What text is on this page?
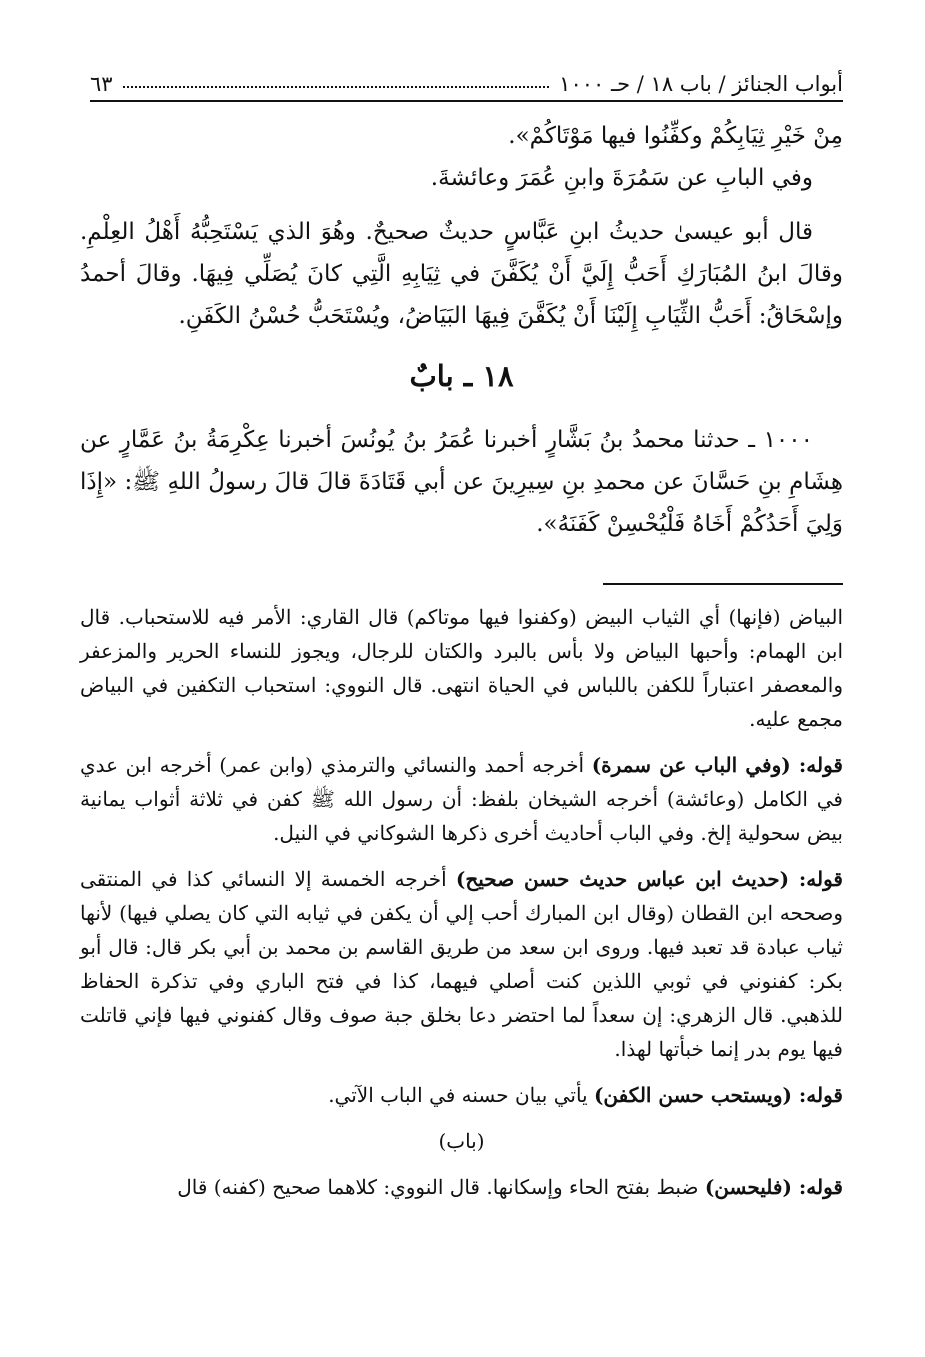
أبواب الجنائز / باب ١٨ / حـ ١٠٠٠
٦٣

مِنْ خَيْرِ ثِيَابِكُمْ وكفِّنُوا فيها مَوْتَاكُمْ».

وفي البابِ عن سَمُرَةَ وابنِ عُمَرَ وعائشةَ.

قال أبو عيسىٰ حديثُ ابنِ عَبَّاسٍ حديثٌ صحيحٌ. وهُوَ الذي يَسْتَحِبُّهُ أَهْلُ العِلْمِ. وقالَ ابنُ المُبَارَكِ أَحَبُّ إِلَيَّ أَنْ يُكَفَّنَ في ثِيَابِهِ الَّتِي كانَ يُصَلِّي فِيهَا. وقالَ أحمدُ وإسْحَاقُ: أَحَبُّ الثِّيَابِ إِلَيْنَا أَنْ يُكَفَّنَ فِيهَا البَيَاضُ، ويُسْتَحَبُّ حُسْنُ الكَفَنِ.

١٨ ـ بابٌ

١٠٠٠ ـ حدثنا محمدُ بنُ بَشَّارٍ أخبرنا عُمَرُ بنُ يُونُسَ أخبرنا عِكْرِمَةُ بنُ عَمَّارٍ عن هِشَامِ بنِ حَسَّانَ عن محمدِ بنِ سِيرِينَ عن أبي قَتَادَةَ قالَ قالَ رسولُ اللهِ ﷺ: «إِذَا وَلِيَ أَحَدُكُمْ أَخَاهُ فَلْيُحْسِنْ كَفَنَهُ».

البياض (فإنها) أي الثياب البيض (وكفنوا فيها موتاكم) قال القاري: الأمر فيه للاستحباب. قال ابن الهمام: وأحبها البياض ولا بأس بالبرد والكتان للرجال، ويجوز للنساء الحرير والمزعفر والمعصفر اعتباراً للكفن باللباس في الحياة انتهى. قال النووي: استحباب التكفين في البياض مجمع عليه.

قوله: (وفي الباب عن سمرة) أخرجه أحمد والنسائي والترمذي (وابن عمر) أخرجه ابن عدي في الكامل (وعائشة) أخرجه الشيخان بلفظ: أن رسول الله ﷺ كفن في ثلاثة أثواب يمانية بيض سحولية إلخ. وفي الباب أحاديث أخرى ذكرها الشوكاني في النيل.

قوله: (حديث ابن عباس حديث حسن صحيح) أخرجه الخمسة إلا النسائي كذا في المنتقى وصححه ابن القطان (وقال ابن المبارك أحب إلي أن يكفن في ثيابه التي كان يصلي فيها) لأنها ثياب عبادة قد تعبد فيها. وروى ابن سعد من طريق القاسم بن محمد بن أبي بكر قال: قال أبو بكر: كفنوني في ثوبي اللذين كنت أصلي فيهما، كذا في فتح الباري وفي تذكرة الحفاظ للذهبي. قال الزهري: إن سعداً لما احتضر دعا بخلق جبة صوف وقال كفنوني فيها فإني قاتلت فيها يوم بدر إنما خبأتها لهذا.

قوله: (ويستحب حسن الكفن) يأتي بيان حسنه في الباب الآتي.

(باب)

قوله: (فليحسن) ضبط بفتح الحاء وإسكانها. قال النووي: كلاهما صحيح (كفنه) قال
